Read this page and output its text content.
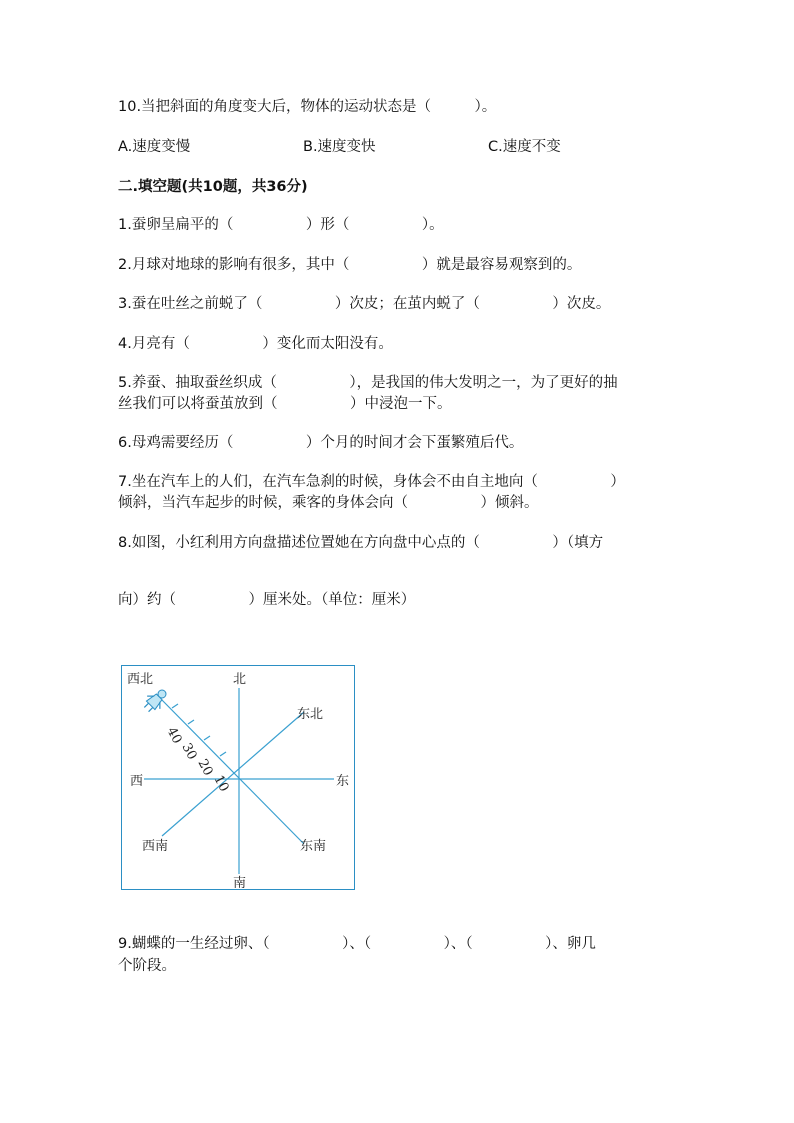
10.当把斜面的角度变大后，物体的运动状态是（　　　）。
A.速度变慢	B.速度变快	C.速度不变
二.填空题(共10题，共36分)
1.蚕卵呈扁平的（　　　　　）形（　　　　　）。
2.月球对地球的影响有很多，其中（　　　　　）就是最容易观察到的。
3.蚕在吐丝之前蜕了（　　　　　）次皮；在茧内蜕了（　　　　　）次皮。
4.月亮有（　　　　　）变化而太阳没有。
5.养蚕、抽取蚕丝织成（　　　　　），是我国的伟大发明之一，为了更好的抽
丝我们可以将蚕茧放到（　　　　　）中浸泡一下。
6.母鸡需要经历（　　　　　）个月的时间才会下蛋繁殖后代。
7.坐在汽车上的人们，在汽车急刹的时候，身体会不由自主地向（　　　　　）
倾斜，当汽车起步的时候，乘客的身体会向（　　　　　）倾斜。
8.如图，小红利用方向盘描述位置她在方向盘中心点的（　　　　　）（填方
向）约（　　　　　）厘米处。（单位：厘米）
10
20
30
40
北
南
东
西
东北
西北
东南
西南
9.蝴蝶的一生经过卵、（　　　　　）、（　　　　　）、（　　　　　）、卵几
个阶段。
